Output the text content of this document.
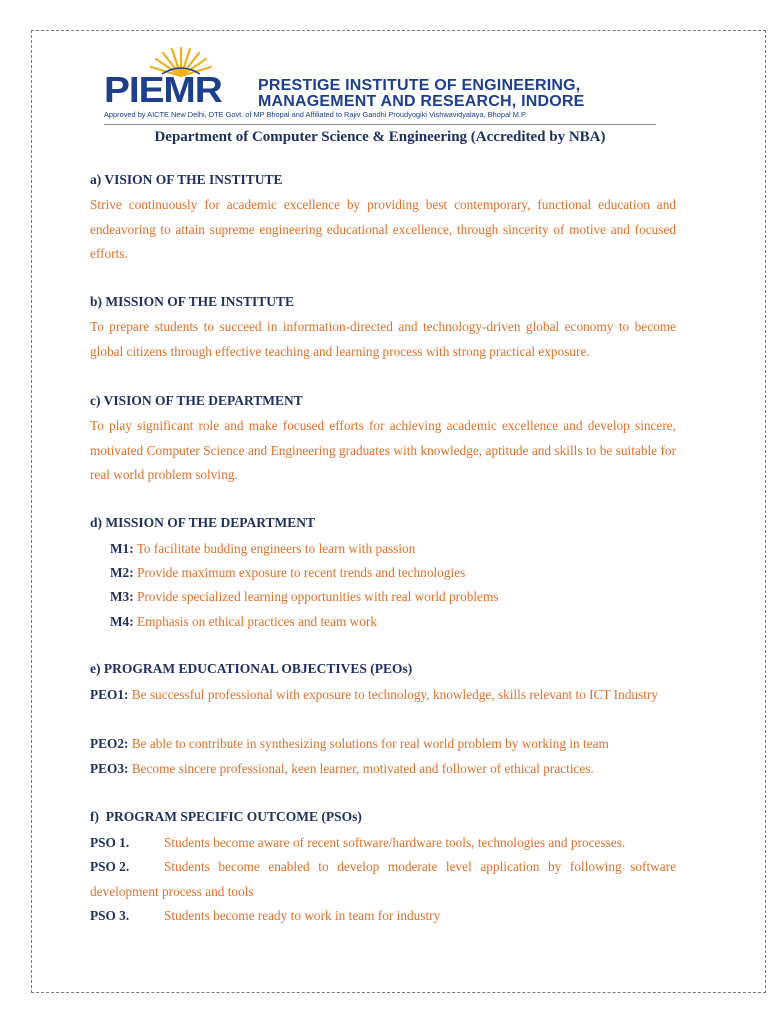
PIEMR PRESTIGE INSTITUTE OF ENGINEERING,
MANAGEMENT AND RESEARCH, INDORE
Approved by AICTE New Delhi, DTE Govt. of MP Bhopal and Affiliated to Rajiv Gandhi Proudyogiki Vishwavidyalaya, Bhopal M.P.
Department of Computer Science & Engineering (Accredited by NBA)
a) VISION OF THE INSTITUTE
Strive continuously for academic excellence by providing best contemporary, functional education and endeavoring to attain supreme engineering educational excellence, through sincerity of motive and focused efforts.
b) MISSION OF THE INSTITUTE
To prepare students to succeed in information-directed and technology-driven global economy to become global citizens through effective teaching and learning process with strong practical exposure.
c) VISION OF THE DEPARTMENT
To play significant role and make focused efforts for achieving academic excellence and develop sincere, motivated Computer Science and Engineering graduates with knowledge, aptitude and skills to be suitable for real world problem solving.
d) MISSION OF THE DEPARTMENT
M1: To facilitate budding engineers to learn with passion
M2: Provide maximum exposure to recent trends and technologies
M3: Provide specialized learning opportunities with real world problems
M4: Emphasis on ethical practices and team work
e) PROGRAM EDUCATIONAL OBJECTIVES (PEOs)
PEO1: Be successful professional with exposure to technology, knowledge, skills relevant to ICT Industry
PEO2: Be able to contribute in synthesizing solutions for real world problem by working in team
PEO3: Become sincere professional, keen learner, motivated and follower of ethical practices.
f)  PROGRAM SPECIFIC OUTCOME (PSOs)
PSO 1.	Students become aware of recent software/hardware tools, technologies and processes.
PSO 2.	Students become enabled to develop moderate level application by following software
development process and tools
PSO 3.	Students become ready to work in team for industry
